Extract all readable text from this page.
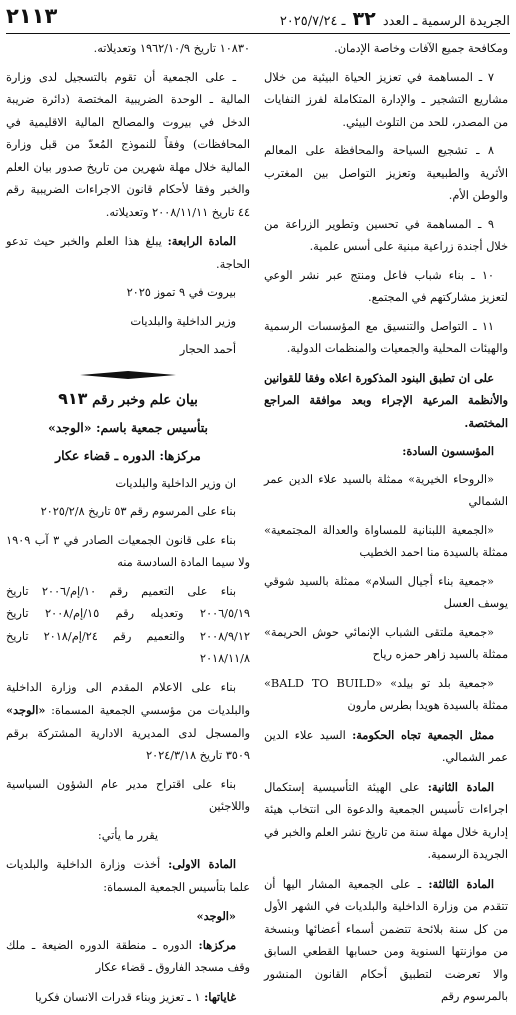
٢١١٣	الجريدة الرسمية ـ العدد ٣٢ ـ ٢٠٢٥/٧/٢٤

ومكافحة جميع الآفات وخاصة الإدمان.

٧ ـ المساهمة في تعزيز الحياة البيئية من خلال مشاريع التشجير ـ والإدارة المتكاملة لفرز النفايات من المصدر، للحد من التلوث البيئي.

٨ ـ تشجيع السياحة والمحافظة على المعالم الأثرية والطبيعية وتعزيز التواصل بين المغترب والوطن الأم.

٩ ـ المساهمة في تحسين وتطوير الزراعة من خلال أجندة زراعية مبنية على أسس علمية.

١٠ ـ بناء شباب فاعل ومنتج عبر نشر الوعي لتعزيز مشاركتهم في المجتمع.

١١ ـ التواصل والتنسيق مع المؤسسات الرسمية والهيئات المحلية والجمعيات والمنظمات الدولية.

على ان تطبق البنود المذكورة اعلاه وفقا للقوانين والأنظمة المرعية الإجراء وبعد موافقة المراجع المختصة.

المؤسسون السادة:

«الروحاء الخيرية» ممثلة بالسيد علاء الدين عمر الشمالي

«الجمعية اللبنانية للمساواة والعدالة المجتمعية» ممثلة بالسيدة منا احمد الخطيب

«جمعية بناء أجيال السلام» ممثلة بالسيد شوقي يوسف العسل

«جمعية ملتقى الشباب الإنمائي حوش الحريمة» ممثلة بالسيد زاهر حمزه رياح

«جمعية بلد تو بيلد» «BALD TO BUILD» ممثلة بالسيدة هويدا بطرس مارون

ممثل الجمعية تجاه الحكومة: السيد علاء الدين عمر الشمالي.

المادة الثانية: على الهيئة التأسيسية إستكمال اجراءات تأسيس الجمعية والدعوة الى انتخاب هيئة إدارية خلال مهلة سنة من تاريخ نشر العلم والخبر في الجريدة الرسمية.

المادة الثالثة: ـ على الجمعية المشار اليها أن تتقدم من وزارة الداخلية والبلديات في الشهر الأول من كل سنة بلائحة تتضمن أسماء أعضائها وبنسخة من موازنتها السنوية ومن حسابها القطعي السابق والا تعرضت لتطبيق أحكام القانون المنشور بالمرسوم رقم

١٠٨٣٠ تاريخ ١٩٦٢/١٠/٩ وتعديلاته.

ـ على الجمعية أن تقوم بالتسجيل لدى وزارة المالية ـ الوحدة الضريبية المختصة (دائرة ضريبة الدخل في بيروت والمصالح المالية الاقليمية في المحافظات) وفقاً للنموذج المُعدّ من قبل وزارة المالية خلال مهلة شهرين من تاريخ صدور بيان العلم والخبر وفقا لأحكام قانون الاجراءات الضريبية رقم ٤٤ تاريخ ٢٠٠٨/١١/١١ وتعديلاته.

المادة الرابعة: يبلغ هذا العلم والخبر حيث تدعو الحاجة.

بيروت في ٩ تموز ٢٠٢٥

وزير الداخلية والبلديات

أحمد الحجار

بيان علم وخبر رقم ٩١٣

بتأسيس جمعية باسم: «الوجد»

مركزها: الدوره ـ قضاء عكار

ان وزير الداخلية والبلديات

بناء على المرسوم رقم ٥٣ تاريخ ٢٠٢٥/٢/٨

بناء على قانون الجمعيات الصادر في ٣ آب ١٩٠٩ ولا سيما المادة السادسة منه

بناء على التعميم رقم ١٠/إم/٢٠٠٦ تاريخ ٢٠٠٦/٥/١٩ وتعديله رقم ١٥/إم/٢٠٠٨ تاريخ ٢٠٠٨/٩/١٢ والتعميم رقم ٢٤/إم/٢٠١٨ تاريخ ٢٠١٨/١١/٨

بناء على الاعلام المقدم الى وزارة الداخلية والبلديات من مؤسسي الجمعية المسماة: «الوجد» والمسجل لدى المديرية الادارية المشتركة برقم ٣٥٠٩ تاريخ ٢٠٢٤/٣/١٨

بناء على اقتراح مدير عام الشؤون السياسية واللاجئين

يقرر ما يأتي:

المادة الاولى: أخذت وزارة الداخلية والبلديات علما بتأسيس الجمعية المسماة:

«الوجد»

مركزها: الدوره ـ منطقة الدوره الضيعة ـ ملك وقف مسجد الفاروق ـ قضاء عكار

غاياتها: ١ ـ تعزيز وبناء قدرات الانسان فكريا
